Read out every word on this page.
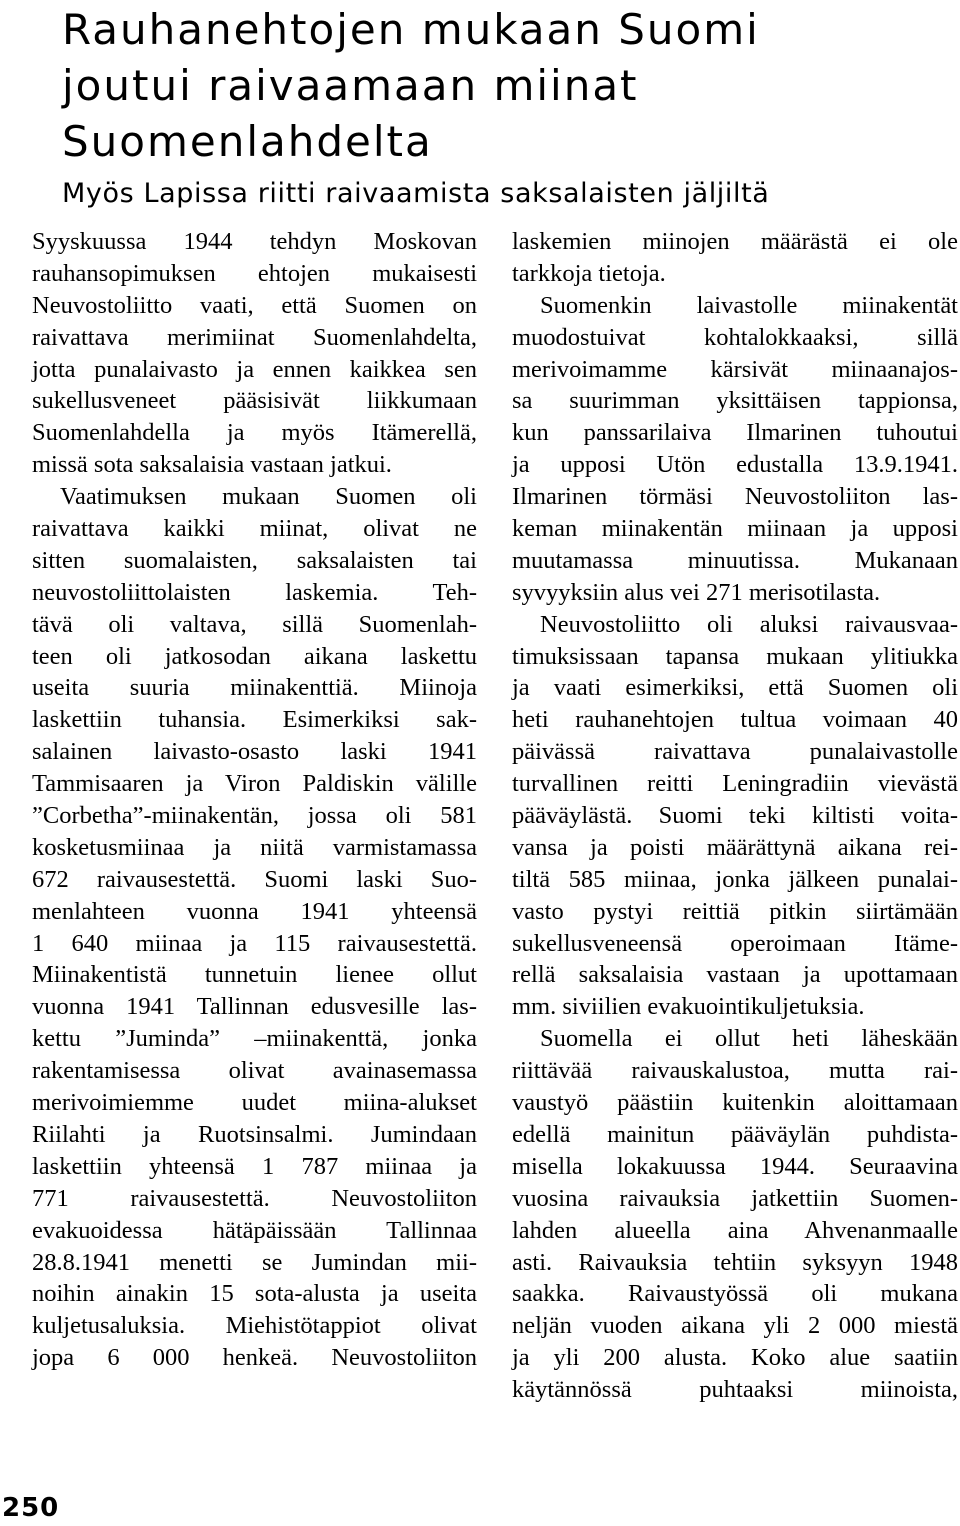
Rauhanehtojen mukaan Suomi
joutui raivaamaan miinat
Suomenlahdelta
Myös Lapissa riitti raivaamista saksalaisten jäljiltä
Syyskuussa 1944 tehdyn Moskovan
rauhansopimuksen ehtojen mukaisesti
Neuvostoliitto vaati, että Suomen on
raivattava merimiinat Suomenlahdelta,
jotta punalaivasto ja ennen kaikkea sen
sukellusveneet pääsisivät liikkumaan
Suomenlahdella ja myös Itämerellä,
missä sota saksalaisia vastaan jatkui.
Vaatimuksen mukaan Suomen oli
raivattava kaikki miinat, olivat ne
sitten suomalaisten, saksalaisten tai
neuvostoliittolaisten laskemia. Teh-
tävä oli valtava, sillä Suomenlah-
teen oli jatkosodan aikana laskettu
useita suuria miinakenttiä. Miinoja
laskettiin tuhansia. Esimerkiksi sak-
salainen laivasto-osasto laski 1941
Tammisaaren ja Viron Paldiskin välille
”Corbetha”-miinakentän, jossa oli 581
kosketusmiinaa ja niitä varmistamassa
672 raivausestettä. Suomi laski Suo-
menlahteen vuonna 1941 yhteensä
1 640 miinaa ja 115 raivausestettä.
Miinakentistä tunnetuin lienee ollut
vuonna 1941 Tallinnan edusvesille las-
kettu ”Juminda” –miinakenttä, jonka
rakentamisessa olivat avainasemassa
merivoimiemme uudet miina-alukset
Riilahti ja Ruotsinsalmi. Jumindaan
laskettiin yhteensä 1 787 miinaa ja
771 raivausestettä. Neuvostoliiton
evakuoidessa hätäpäissään Tallinnaa
28.8.1941 menetti se Jumindan mii-
noihin ainakin 15 sota-alusta ja useita
kuljetusaluksia. Miehistötappiot olivat
jopa 6 000 henkeä. Neuvostoliiton
laskemien miinojen määrästä ei ole
tarkkoja tietoja.
Suomenkin laivastolle miinakentät
muodostuivat kohtalokkaaksi, sillä
merivoimamme kärsivät miinaanajos-
sa suurimman yksittäisen tappionsa,
kun panssarilaiva Ilmarinen tuhoutui
ja upposi Utön edustalla 13.9.1941.
Ilmarinen törmäsi Neuvostoliiton las-
keman miinakentän miinaan ja upposi
muutamassa minuutissa. Mukanaan
syvyyksiin alus vei 271 merisotilasta.
Neuvostoliitto oli aluksi raivausvaa-
timuksissaan tapansa mukaan ylitiukka
ja vaati esimerkiksi, että Suomen oli
heti rauhanehtojen tultua voimaan 40
päivässä raivattava punalaivastolle
turvallinen reitti Leningradiin vievästä
pääväylästä. Suomi teki kiltisti voita-
vansa ja poisti määrättynä aikana rei-
tiltä 585 miinaa, jonka jälkeen punalai-
vasto pystyi reittiä pitkin siirtämään
sukellusveneensä operoimaan Itäme-
rellä saksalaisia vastaan ja upottamaan
mm. siviilien evakuointikuljetuksia.
Suomella ei ollut heti läheskään
riittävää raivauskalustoa, mutta rai-
vaustyö päästiin kuitenkin aloittamaan
edellä mainitun pääväylän puhdista-
misella lokakuussa 1944. Seuraavina
vuosina raivauksia jatkettiin Suomen-
lahden alueella aina Ahvenanmaalle
asti. Raivauksia tehtiin syksyyn 1948
saakka. Raivaustyössä oli mukana
neljän vuoden aikana yli 2 000 miestä
ja yli 200 alusta. Koko alue saatiin
käytännössä puhtaaksi miinoista,
250
